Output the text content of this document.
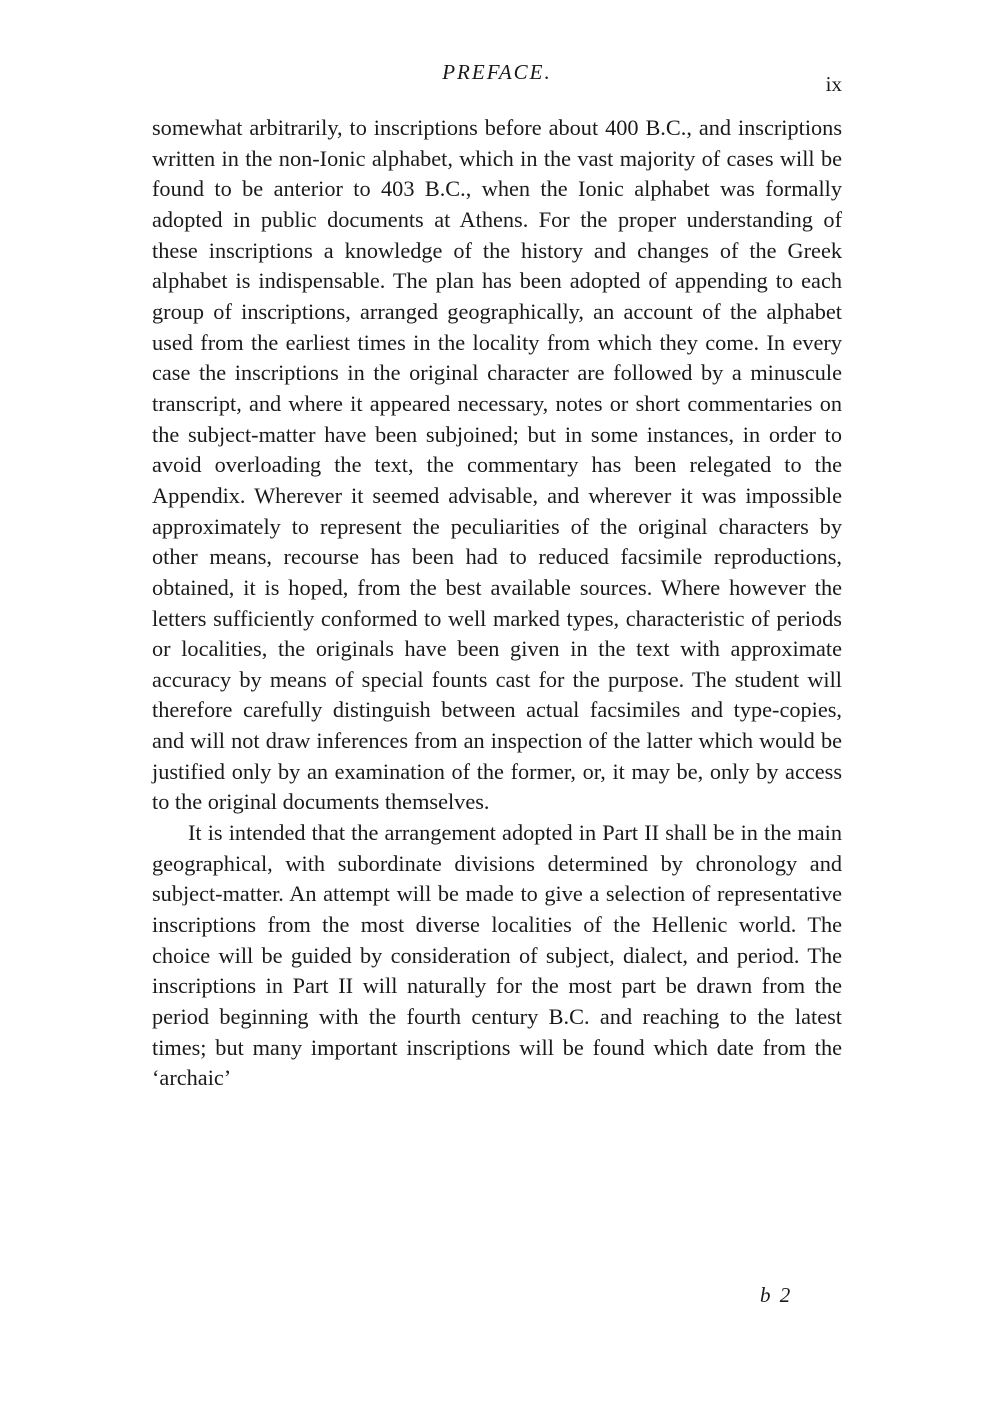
PREFACE.	ix

somewhat arbitrarily, to inscriptions before about 400 B.C., and inscriptions written in the non-Ionic alphabet, which in the vast majority of cases will be found to be anterior to 403 B.C., when the Ionic alphabet was formally adopted in public documents at Athens. For the proper understanding of these inscriptions a knowledge of the history and changes of the Greek alphabet is indispensable. The plan has been adopted of appending to each group of inscriptions, arranged geographically, an account of the alphabet used from the earliest times in the locality from which they come. In every case the inscriptions in the original character are followed by a minuscule transcript, and where it appeared necessary, notes or short commentaries on the subject-matter have been subjoined; but in some instances, in order to avoid overloading the text, the commentary has been relegated to the Appendix. Wherever it seemed advisable, and wherever it was impossible approximately to represent the peculiarities of the original characters by other means, recourse has been had to reduced facsimile reproductions, obtained, it is hoped, from the best available sources. Where however the letters sufficiently conformed to well marked types, characteristic of periods or localities, the originals have been given in the text with approximate accuracy by means of special founts cast for the purpose. The student will therefore carefully distinguish between actual facsimiles and type-copies, and will not draw inferences from an inspection of the latter which would be justified only by an examination of the former, or, it may be, only by access to the original documents themselves.

It is intended that the arrangement adopted in Part II shall be in the main geographical, with subordinate divisions determined by chronology and subject-matter. An attempt will be made to give a selection of representative inscriptions from the most diverse localities of the Hellenic world. The choice will be guided by consideration of subject, dialect, and period. The inscriptions in Part II will naturally for the most part be drawn from the period beginning with the fourth century B.C. and reaching to the latest times; but many important inscriptions will be found which date from the ‘archaic’

b 2
